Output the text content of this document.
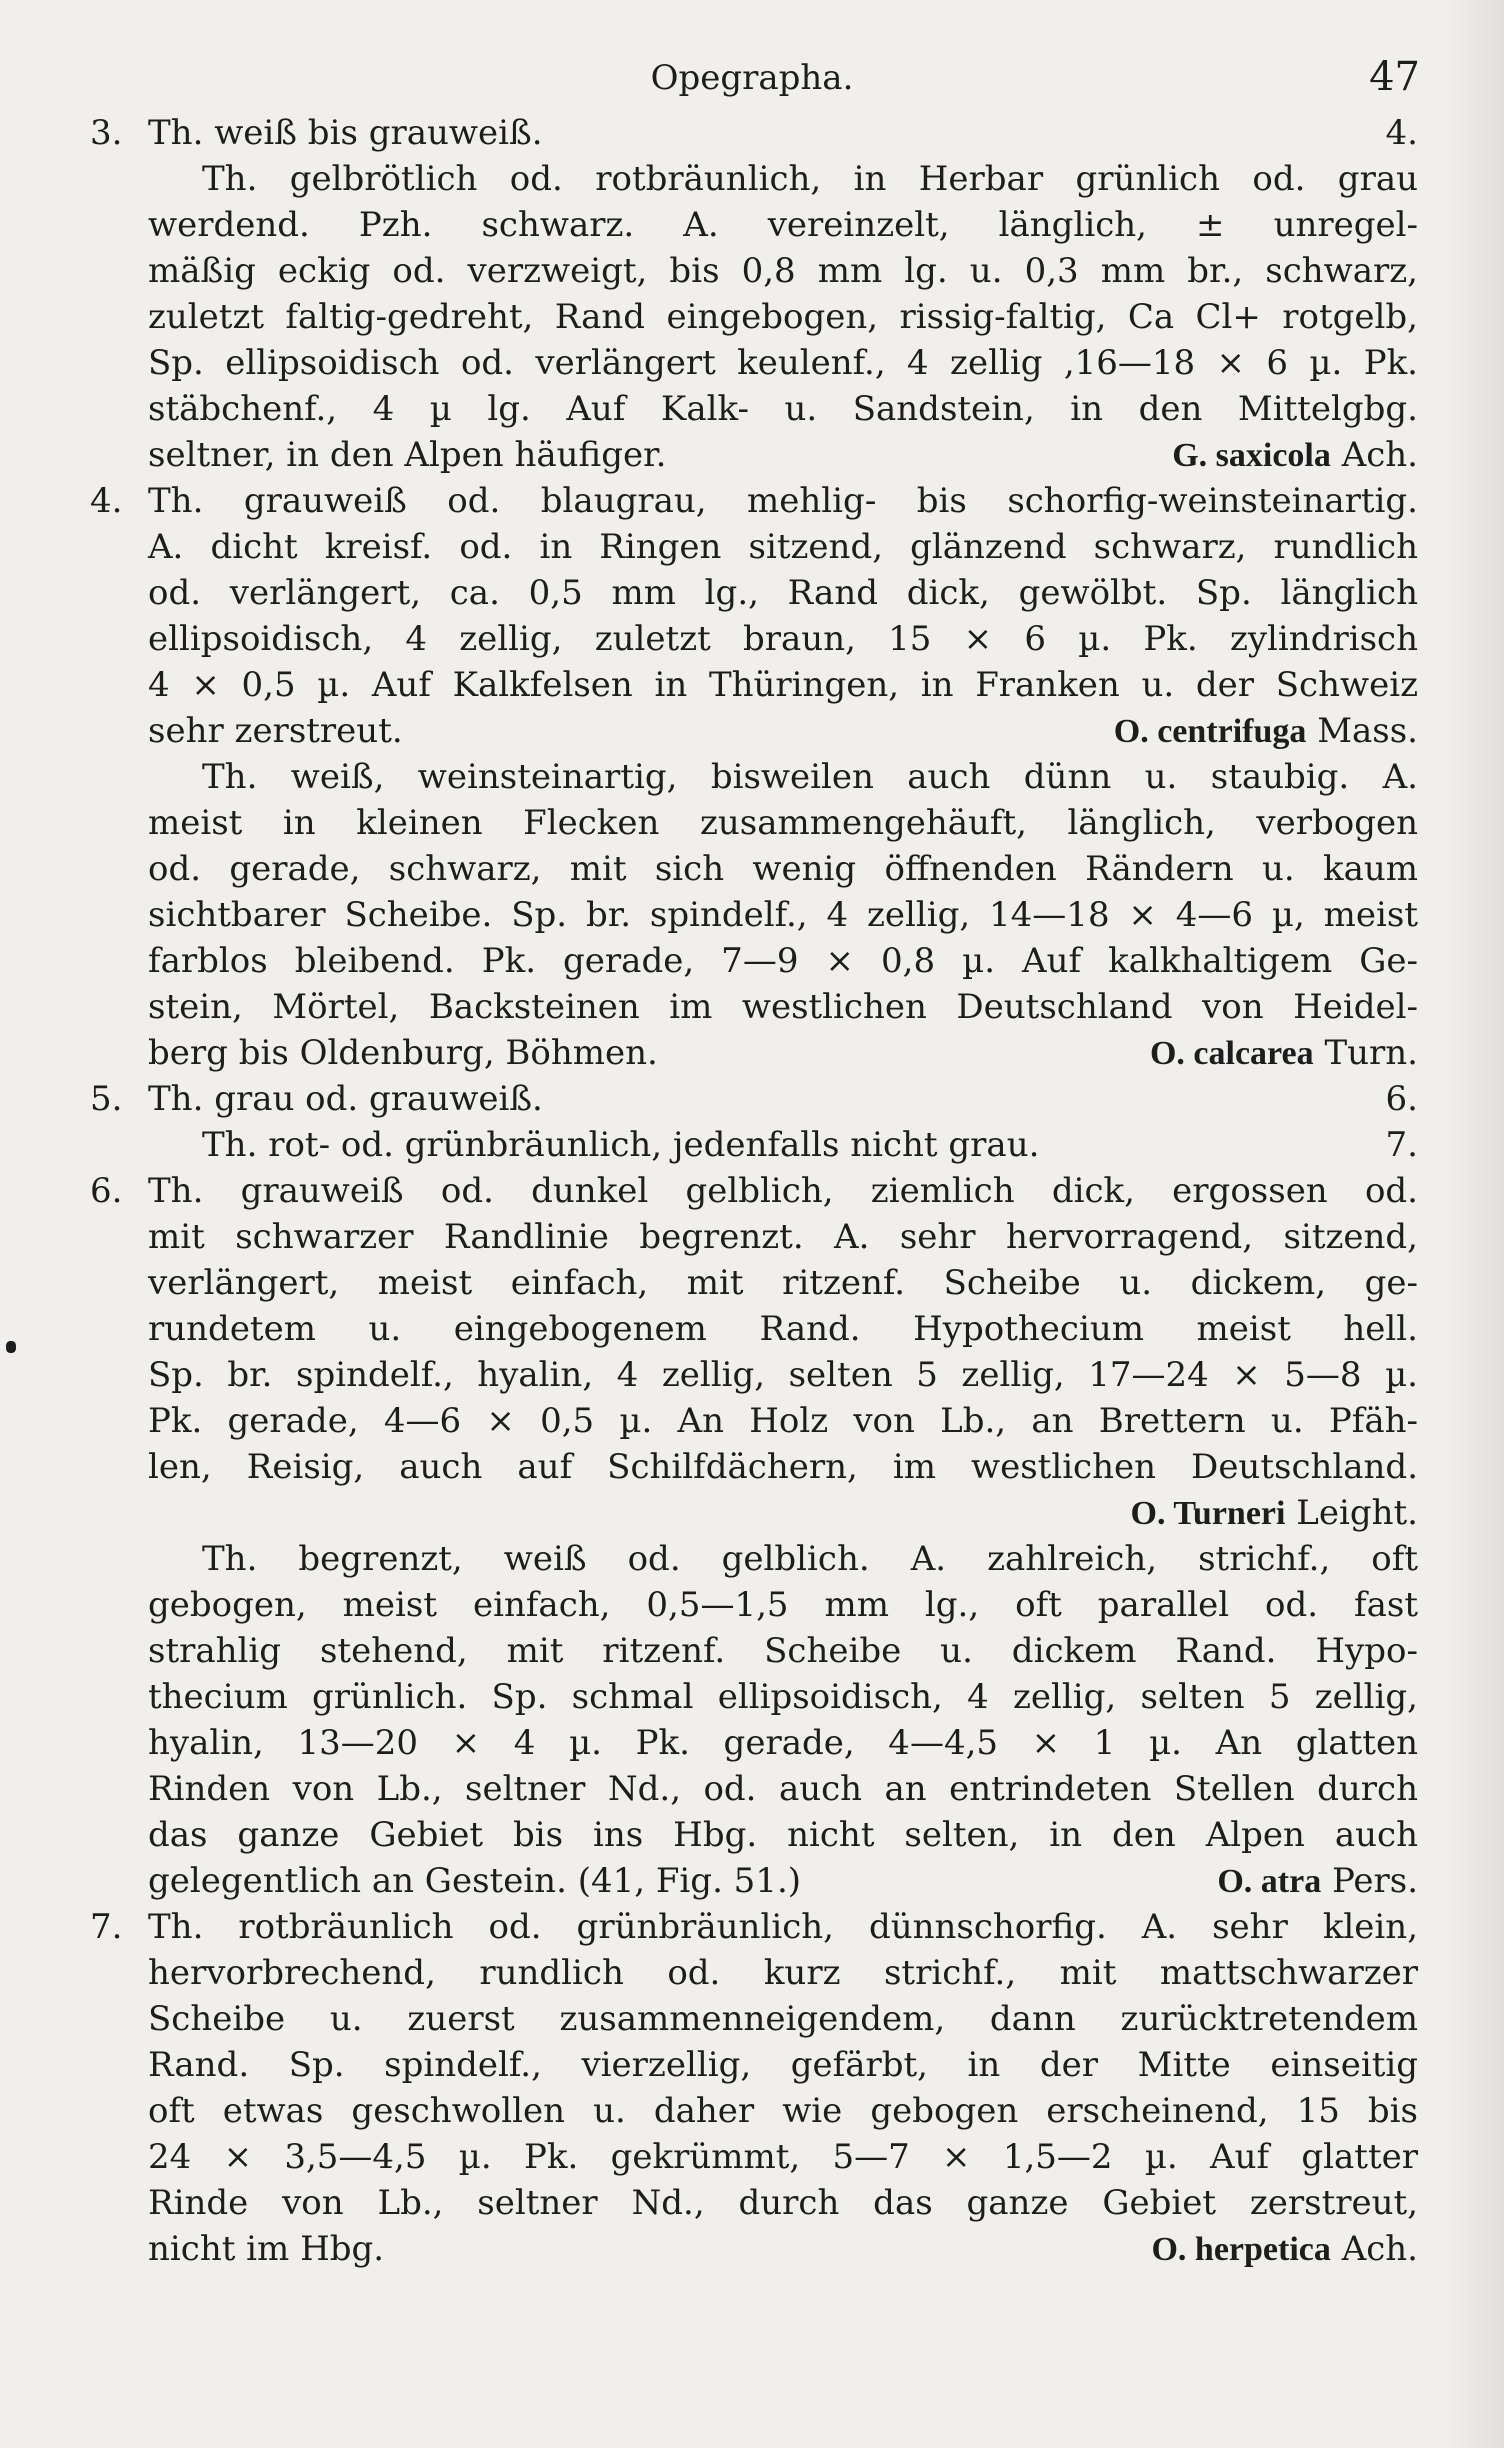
Opegrapha.	47
3. Th. weiß bis grauweiß.	4.
Th. gelbrötlich od. rotbräunlich, in Herbar grünlich od. grau
werdend. Pzh. schwarz. A. vereinzelt, länglich, ± unregel-
mäßig eckig od. verzweigt, bis 0,8 mm lg. u. 0,3 mm br., schwarz,
zuletzt faltig-gedreht, Rand eingebogen, rissig-faltig, Ca Cl+ rotgelb,
Sp. ellipsoidisch od. verlängert keulenf., 4 zellig ,16—18 × 6 µ. Pk.
stäbchenf., 4 µ lg. Auf Kalk- u. Sandstein, in den Mittelgbg.
seltner, in den Alpen häufiger.	G. saxicola Ach.
4. Th. grauweiß od. blaugrau, mehlig- bis schorfig-weinsteinartig.
A. dicht kreisf. od. in Ringen sitzend, glänzend schwarz, rundlich
od. verlängert, ca. 0,5 mm lg., Rand dick, gewölbt. Sp. länglich
ellipsoidisch, 4 zellig, zuletzt braun, 15 × 6 µ. Pk. zylindrisch
4 × 0,5 µ. Auf Kalkfelsen in Thüringen, in Franken u. der Schweiz
sehr zerstreut.	O. centrifuga Mass.
Th. weiß, weinsteinartig, bisweilen auch dünn u. staubig. A.
meist in kleinen Flecken zusammengehäuft, länglich, verbogen
od. gerade, schwarz, mit sich wenig öffnenden Rändern u. kaum
sichtbarer Scheibe. Sp. br. spindelf., 4 zellig, 14—18 × 4—6 µ, meist
farblos bleibend. Pk. gerade, 7—9 × 0,8 µ. Auf kalkhaltigem Ge-
stein, Mörtel, Backsteinen im westlichen Deutschland von Heidel-
berg bis Oldenburg, Böhmen.	O. calcarea Turn.
5. Th. grau od. grauweiß.	6.
Th. rot- od. grünbräunlich, jedenfalls nicht grau.	7.
6. Th. grauweiß od. dunkel gelblich, ziemlich dick, ergossen od.
mit schwarzer Randlinie begrenzt. A. sehr hervorragend, sitzend,
verlängert, meist einfach, mit ritzenf. Scheibe u. dickem, ge-
rundetem u. eingebogenem Rand. Hypothecium meist hell.
Sp. br. spindelf., hyalin, 4 zellig, selten 5 zellig, 17—24 × 5—8 µ.
Pk. gerade, 4—6 × 0,5 µ. An Holz von Lb., an Brettern u. Pfäh-
len, Reisig, auch auf Schilfdächern, im westlichen Deutschland.
O. Turneri Leight.
Th. begrenzt, weiß od. gelblich. A. zahlreich, strichf., oft
gebogen, meist einfach, 0,5—1,5 mm lg., oft parallel od. fast
strahlig stehend, mit ritzenf. Scheibe u. dickem Rand. Hypo-
thecium grünlich. Sp. schmal ellipsoidisch, 4 zellig, selten 5 zellig,
hyalin, 13—20 × 4 µ. Pk. gerade, 4—4,5 × 1 µ. An glatten
Rinden von Lb., seltner Nd., od. auch an entrindeten Stellen durch
das ganze Gebiet bis ins Hbg. nicht selten, in den Alpen auch
gelegentlich an Gestein. (41, Fig. 51.)	O. atra Pers.
7. Th. rotbräunlich od. grünbräunlich, dünnschorfig. A. sehr klein,
hervorbrechend, rundlich od. kurz strichf., mit mattschwarzer
Scheibe u. zuerst zusammenneigendem, dann zurücktretendem
Rand. Sp. spindelf., vierzellig, gefärbt, in der Mitte einseitig
oft etwas geschwollen u. daher wie gebogen erscheinend, 15 bis
24 × 3,5—4,5 µ. Pk. gekrümmt, 5—7 × 1,5—2 µ. Auf glatter
Rinde von Lb., seltner Nd., durch das ganze Gebiet zerstreut,
nicht im Hbg.	O. herpetica Ach.
